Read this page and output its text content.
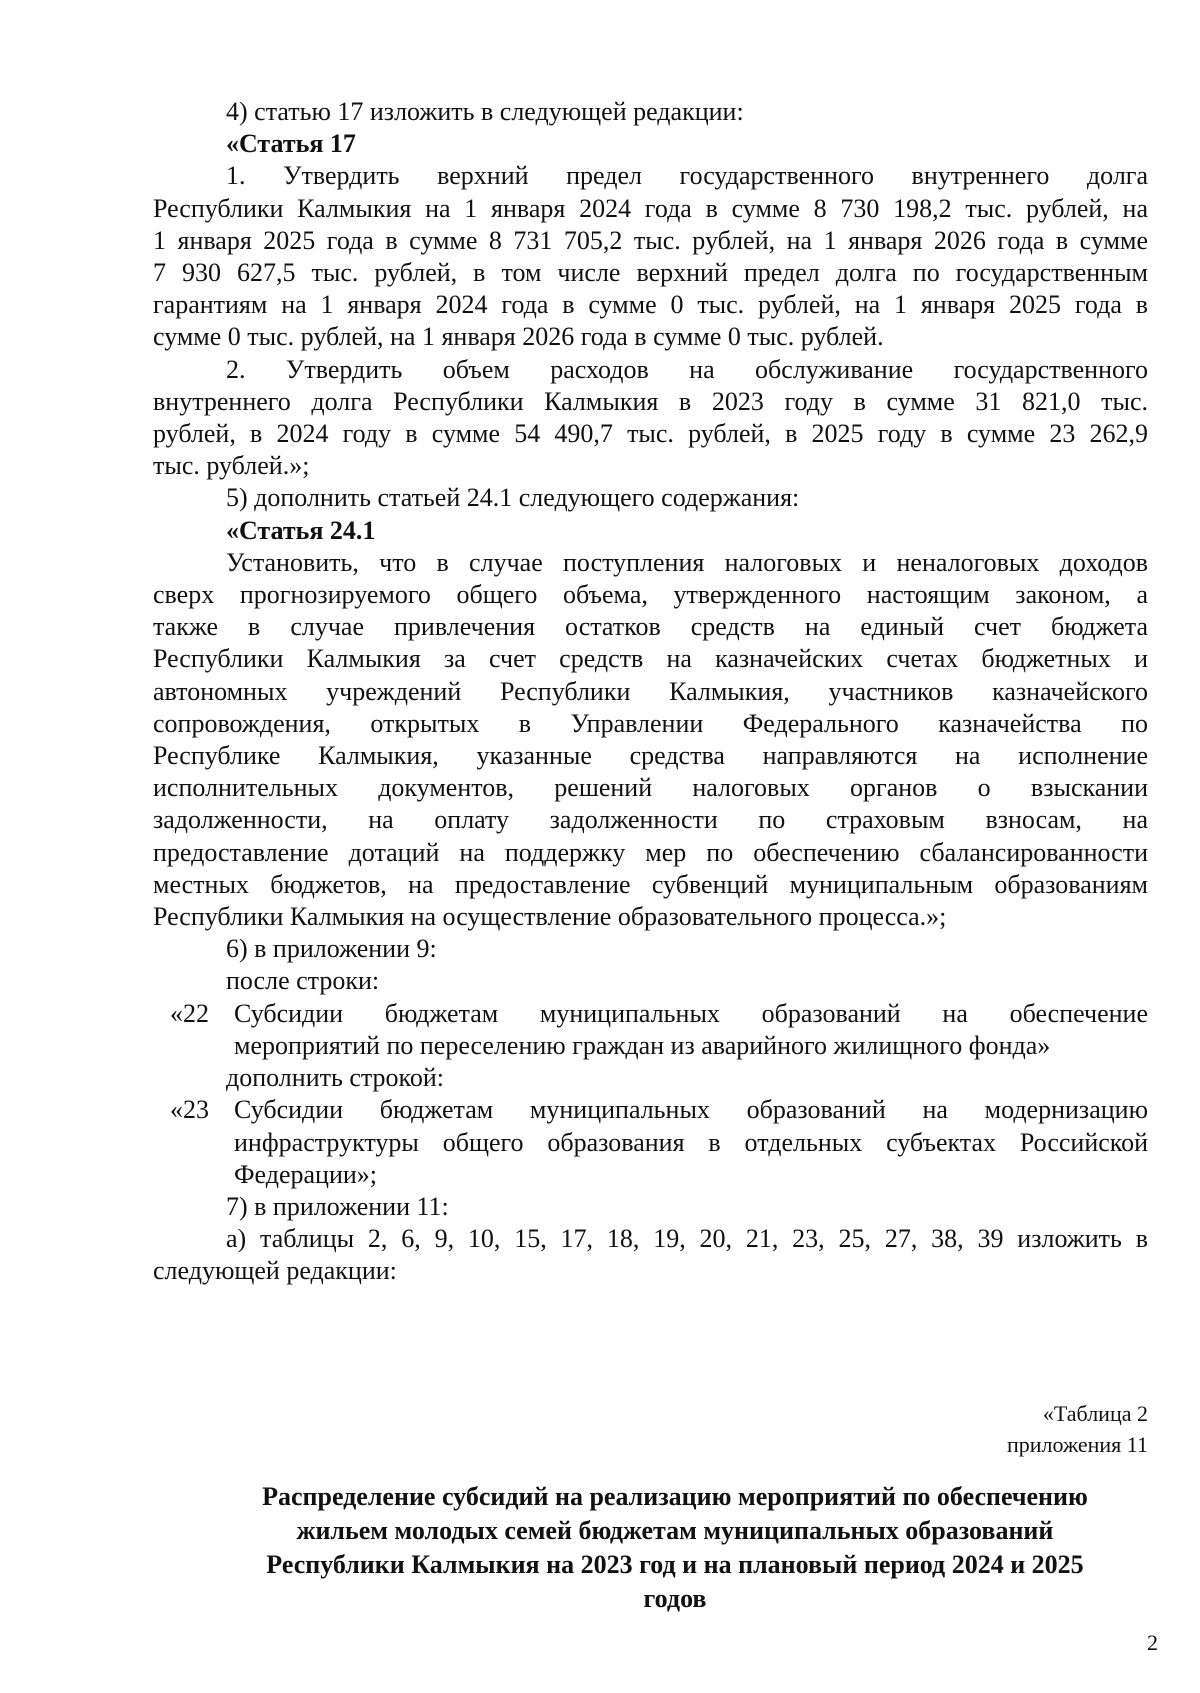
4) статью 17 изложить в следующей редакции:
«Статья 17
1. Утвердить верхний предел государственного внутреннего долга
Республики Калмыкия на 1 января 2024 года в сумме 8 730 198,2 тыс. рублей, на
1 января 2025 года в сумме 8 731 705,2 тыс. рублей, на 1 января 2026 года в сумме
7 930 627,5 тыс. рублей, в том числе верхний предел долга по государственным
гарантиям на 1 января 2024 года в сумме 0 тыс. рублей, на 1 января 2025 года в
сумме 0 тыс. рублей, на 1 января 2026 года в сумме 0 тыс. рублей.
2. Утвердить объем расходов на обслуживание государственного
внутреннего долга Республики Калмыкия в 2023 году в сумме 31 821,0 тыс.
рублей, в 2024 году в сумме 54 490,7 тыс. рублей, в 2025 году в сумме 23 262,9
тыс. рублей.»;
5) дополнить статьей 24.1 следующего содержания:
«Статья 24.1
Установить, что в случае поступления налоговых и неналоговых доходов
сверх прогнозируемого общего объема, утвержденного настоящим законом, а
также в случае привлечения остатков средств на единый счет бюджета
Республики Калмыкия за счет средств на казначейских счетах бюджетных и
автономных учреждений Республики Калмыкия, участников казначейского
сопровождения, открытых в Управлении Федерального казначейства по
Республике Калмыкия, указанные средства направляются на исполнение
исполнительных документов, решений налоговых органов о взыскании
задолженности, на оплату задолженности по страховым взносам, на
предоставление дотаций на поддержку мер по обеспечению сбалансированности
местных бюджетов, на предоставление субвенций муниципальным образованиям
Республики Калмыкия на осуществление образовательного процесса.»;
6) в приложении 9:
после строки:
«22 Субсидии бюджетам муниципальных образований на обеспечение
мероприятий по переселению граждан из аварийного жилищного фонда»
дополнить строкой:
«23 Субсидии бюджетам муниципальных образований на модернизацию
инфраструктуры общего образования в отдельных субъектах Российской
Федерации»;
7) в приложении 11:
а) таблицы 2, 6, 9, 10, 15, 17, 18, 19, 20, 21, 23, 25, 27, 38, 39 изложить в
следующей редакции:
«Таблица 2
приложения 11
Распределение субсидий на реализацию мероприятий по обеспечению
жильем молодых семей бюджетам муниципальных образований
Республики Калмыкия на 2023 год и на плановый период 2024 и 2025
годов
2
